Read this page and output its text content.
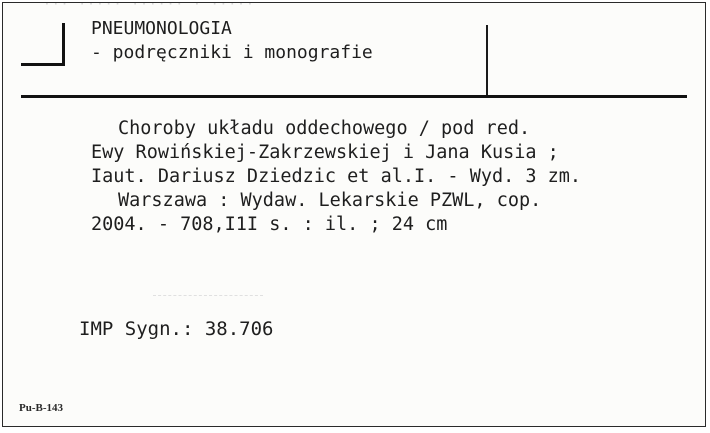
··· ····· ······ · ·····
PNEUMONOLOGIA
- podręczniki i monografie
Choroby układu oddechowego / pod red.
Ewy Rowińskiej-Zakrzewskiej i Jana Kusia ;
Iaut. Dariusz Dziedzic et al.I. - Wyd. 3 zm.
Warszawa : Wydaw. Lekarskie PZWL, cop.
2004. - 708,I1I s. : il. ; 24 cm
IMP Sygn.: 38.706
Pu-B-143
